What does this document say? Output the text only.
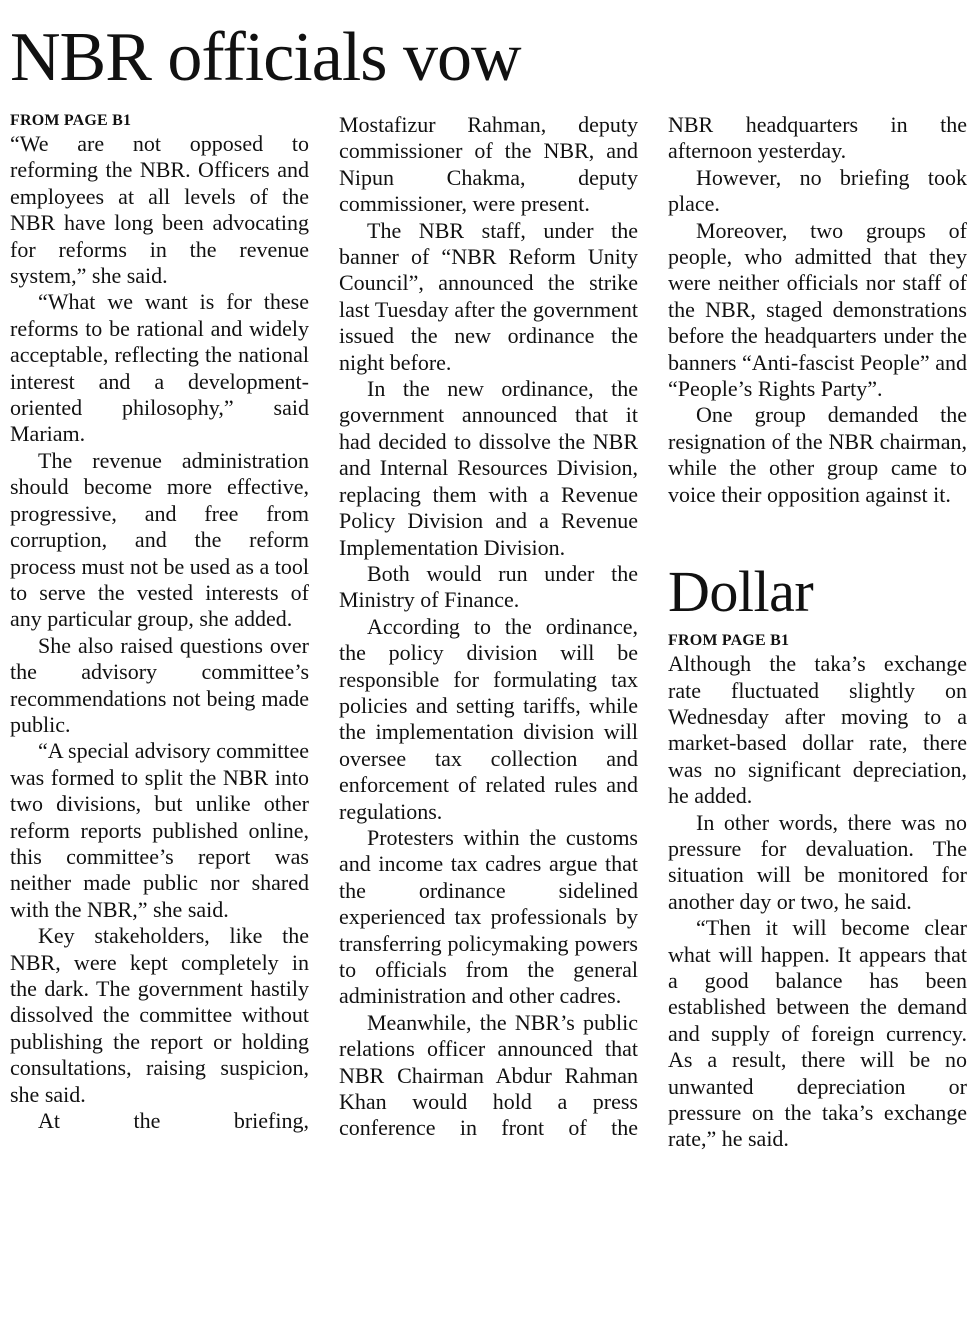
NBR officials vow
FROM PAGE B1

“We are not opposed to reforming the NBR. Officers and employees at all levels of the NBR have long been advocating for reforms in the revenue system,” she said.

“What we want is for these reforms to be rational and widely acceptable, reflecting the national interest and a development-oriented philosophy,” said Mariam.

The revenue administration should become more effective, progressive, and free from corruption, and the reform process must not be used as a tool to serve the vested interests of any particular group, she added.

She also raised questions over the advisory committee’s recommendations not being made public.

“A special advisory committee was formed to split the NBR into two divisions, but unlike other reform reports published online, this committee’s report was neither made public nor shared with the NBR,” she said.

Key stakeholders, like the NBR, were kept completely in the dark. The government hastily dissolved the committee without publishing the report or holding consultations, raising suspicion, she said.

At the briefing,

Mostafizur Rahman, deputy commissioner of the NBR, and Nipun Chakma, deputy commissioner, were present.

The NBR staff, under the banner of “NBR Reform Unity Council”, announced the strike last Tuesday after the government issued the new ordinance the night before.

In the new ordinance, the government announced that it had decided to dissolve the NBR and Internal Resources Division, replacing them with a Revenue Policy Division and a Revenue Implementation Division.

Both would run under the Ministry of Finance.

According to the ordinance, the policy division will be responsible for formulating tax policies and setting tariffs, while the implementation division will oversee tax collection and enforcement of related rules and regulations.

Protesters within the customs and income tax cadres argue that the ordinance sidelined experienced tax professionals by transferring policymaking powers to officials from the general administration and other cadres.

Meanwhile, the NBR’s public relations officer announced that NBR Chairman Abdur Rahman Khan would hold a press conference in front of the

NBR headquarters in the afternoon yesterday.

However, no briefing took place.

Moreover, two groups of people, who admitted that they were neither officials nor staff of the NBR, staged demonstrations before the headquarters under the banners “Anti-fascist People” and “People’s Rights Party”.

One group demanded the resignation of the NBR chairman, while the other group came to voice their opposition against it.

Dollar
FROM PAGE B1

Although the taka’s exchange rate fluctuated slightly on Wednesday after moving to a market-based dollar rate, there was no significant depreciation, he added.

In other words, there was no pressure for devaluation. The situation will be monitored for another day or two, he said.

“Then it will become clear what will happen. It appears that a good balance has been established between the demand and supply of foreign currency. As a result, there will be no unwanted depreciation or pressure on the taka’s exchange rate,” he said.
